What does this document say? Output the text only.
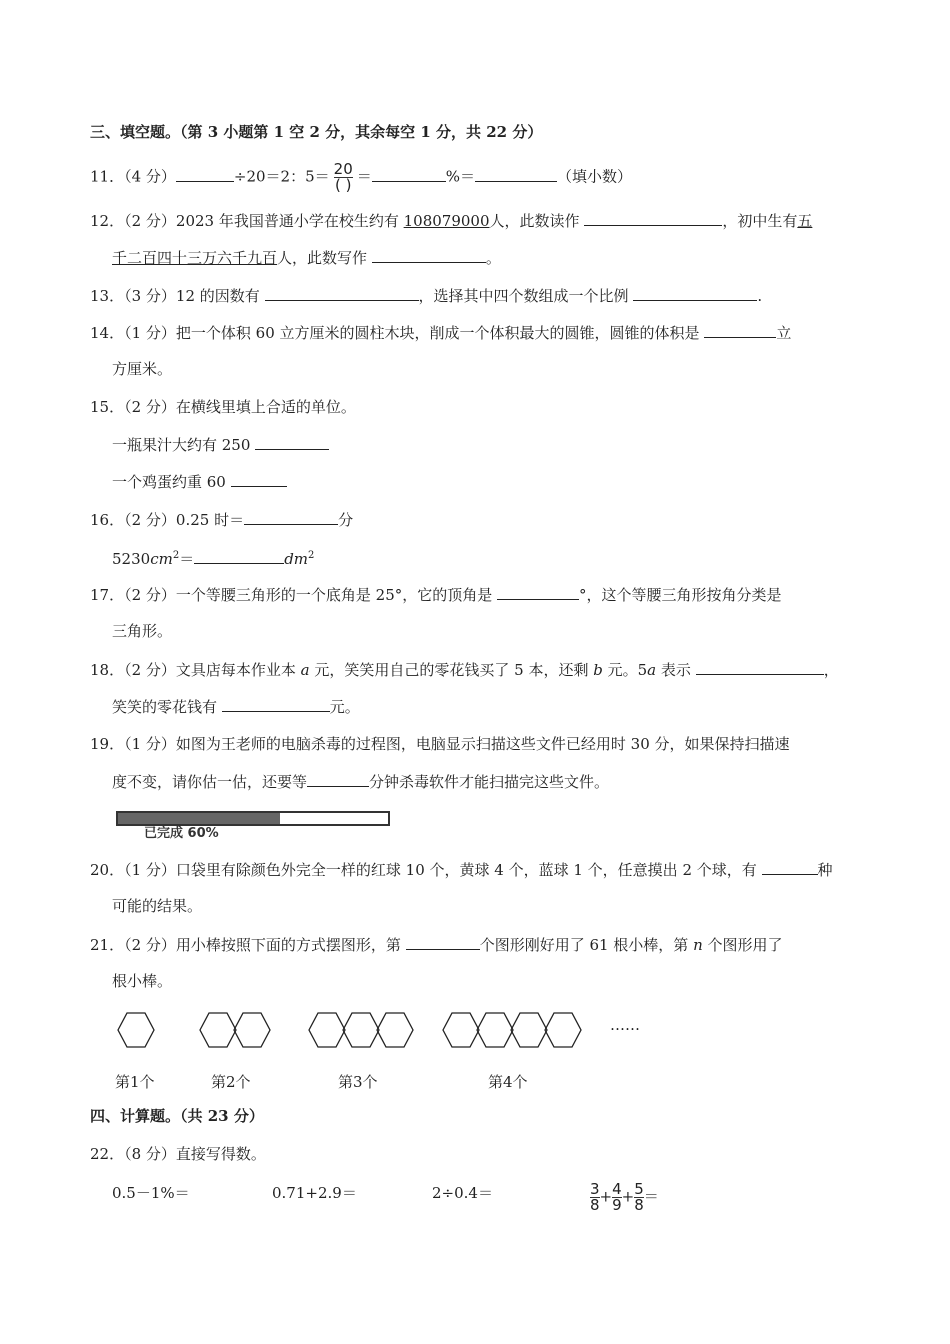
三、填空题。（第 3 小题第 1 空 2 分，其余每空 1 分，共 22 分）
11．（4 分）	÷20＝2：$5= \frac{20}{( )}$ ＝	%＝	（填小数）
12．（2 分）2023 年我国普通小学在校生约有 108079000人，此数读作	，初中生有五
千二百四十三万六千九百人，此数写作	。
13．（3 分）12 的因数有	，选择其中四个数组成一个比例	.
14．（1 分）把一个体积 60 立方厘米的圆柱木块，削成一个体积最大的圆锥，圆锥的体积是	立
方厘米。
15．（2 分）在横线里填上合适的单位。
一瓶果汁大约有 250
一个鸡蛋约重 60
16．（2 分）0.25 时＝	分
$5230cm^2=$	$dm^2$
17．（2 分）一个等腰三角形的一个底角是 25°，它的顶角是	°，这个等腰三角形按角分类是
三角形。
18．（2 分）文具店每本作业本 a 元，笑笑用自己的零花钱买了 5 本，还剩 b 元。5a 表示	，
笑笑的零花钱有	元。
19．（1 分）如图为王老师的电脑杀毒的过程图，电脑显示扫描这些文件已经用时 30 分，如果保持扫描速
度不变，请你估一估，还要等	分钟杀毒软件才能扫描完这些文件。
已完成 60%
20．（1 分）口袋里有除颜色外完全一样的红球 10 个，黄球 4 个，蓝球 1 个，任意摸出 2 个球，有	种
可能的结果。
21．（2 分）用小棒按照下面的方式摆图形，第	个图形刚好用了 61 根小棒，第 n 个图形用了
根小棒。
……
第1个	第2个	第3个	第4个
四、计算题。（共 23 分）
22．（8 分）直接写得数。
0.5－1%＝	0.71+2.9＝	2÷0.4＝	$\frac{3}{8} + \frac{4}{9} + \frac{5}{8}$ ＝
